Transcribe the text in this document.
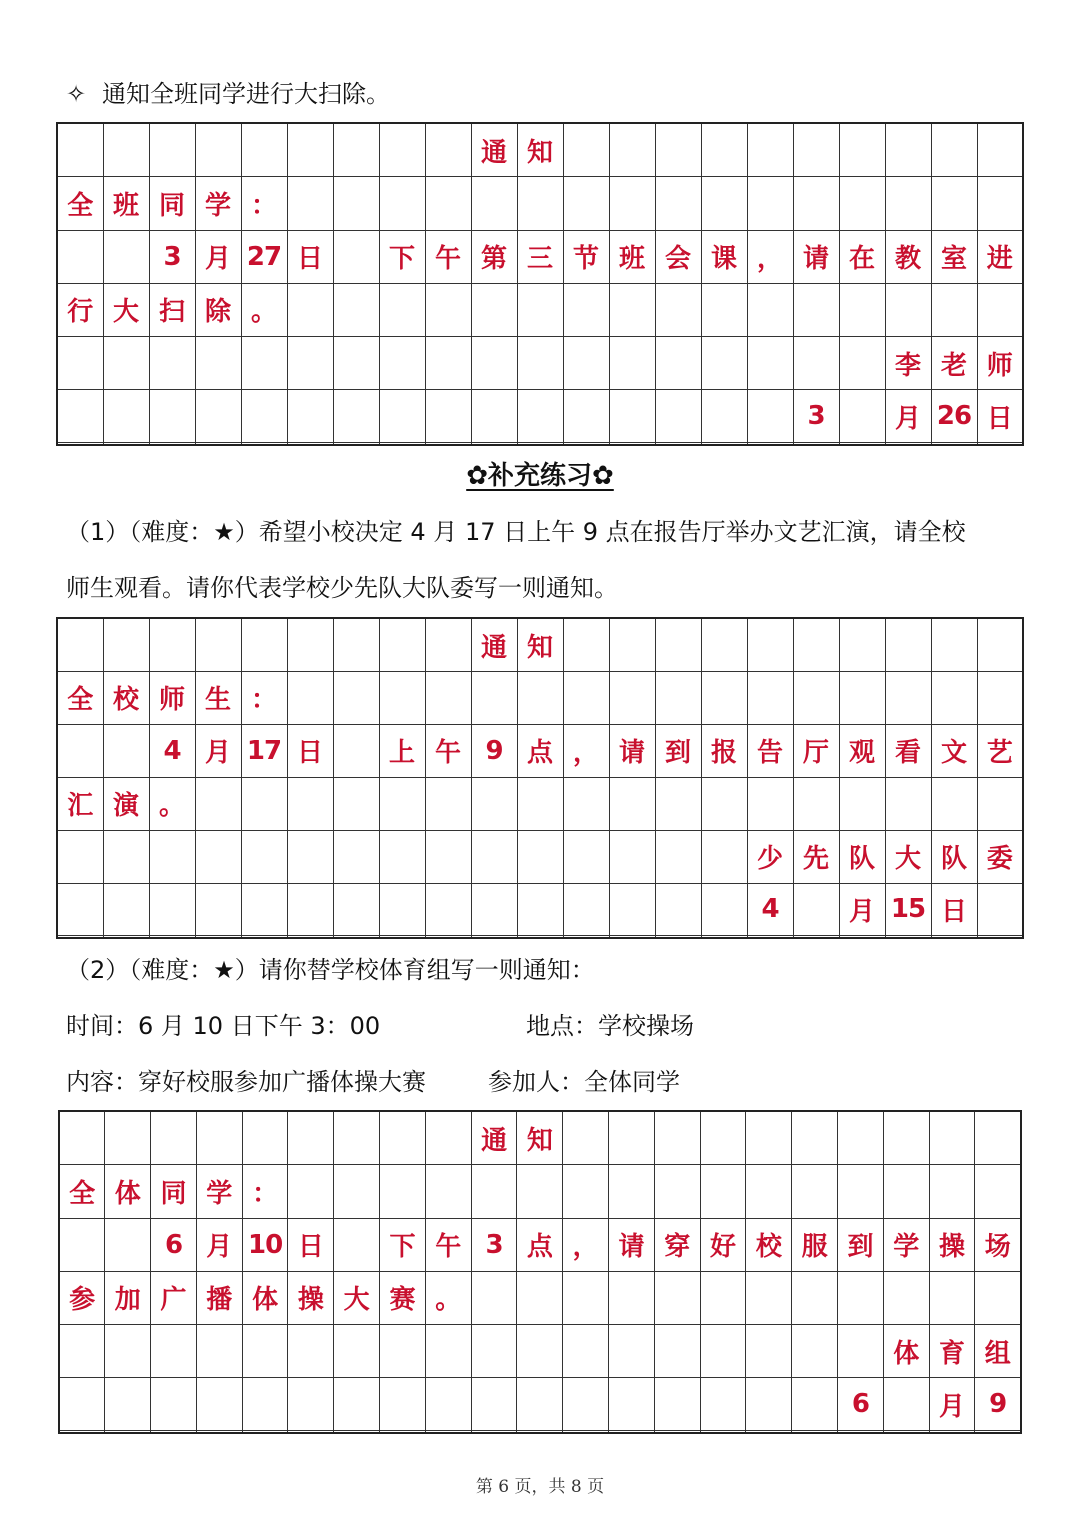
✧ 通知全班同学进行大扫除。
									通	知										
全	班	同	学	：																
		3	月	27	日		下	午	第	三	节	班	会	课	，	请	在	教	室	进
行	大	扫	除	。																
																		李	老	师
																3		月	26	日

✿补充练习✿
（1）（难度：★）希望小校决定 4 月 17 日上午 9 点在报告厅举办文艺汇演，请全校
师生观看。请你代表学校少先队大队委写一则通知。
									通	知										
全	校	师	生	：																
		4	月	17	日		上	午	9	点	，	请	到	报	告	厅	观	看	文	艺
汇	演	。																		
															少	先	队	大	队	委
															4		月	15	日	

（2）（难度：★）请你替学校体育组写一则通知：
时间：6 月 10 日下午 3：00	地点：学校操场
内容：穿好校服参加广播体操大赛	参加人：全体同学
									通	知										
全	体	同	学	：																
		6	月	10	日		下	午	3	点	，	请	穿	好	校	服	到	学	操	场
参	加	广	播	体	操	大	赛	。												
																		体	育	组
																	6		月	9

第 6 页，共 8 页
